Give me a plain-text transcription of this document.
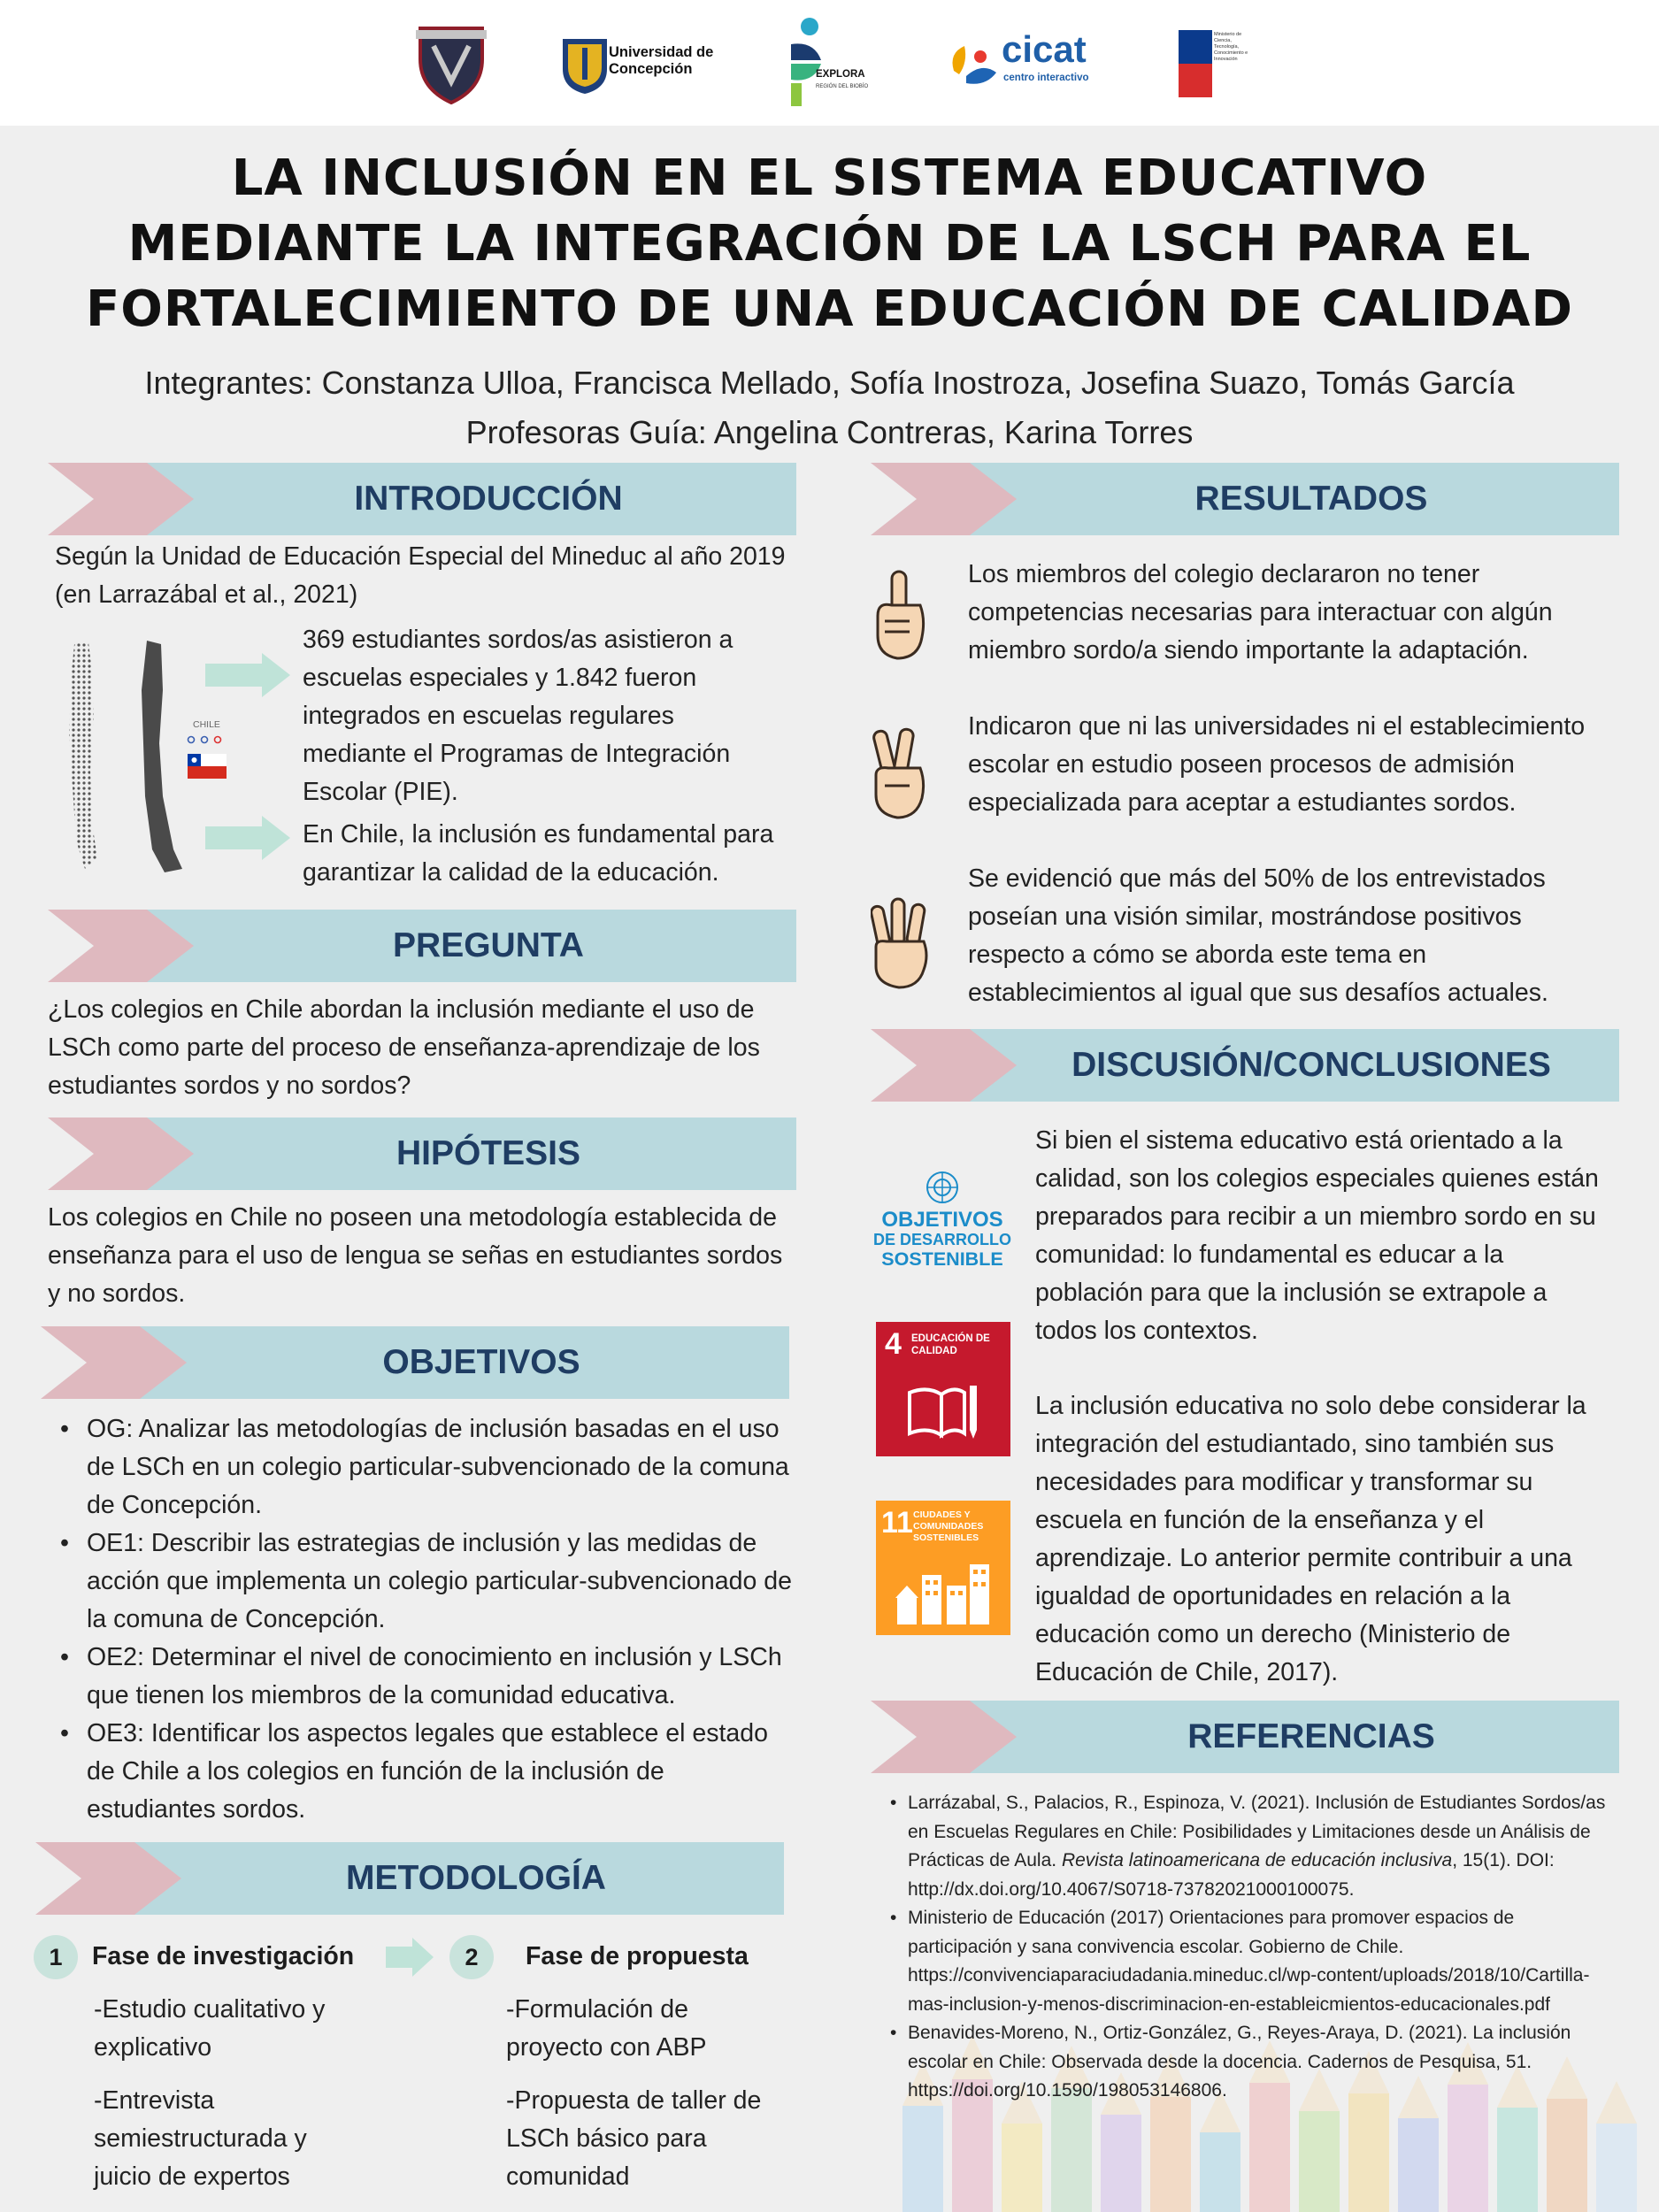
Universidad de Concepción	EXPLORA
REGIÓN DEL BIOBÍO
cicat
centro interactivo
Ministerio de Ciencia, Tecnología, Conocimiento e Innovación
LA INCLUSIÓN EN EL SISTEMA EDUCATIVO
MEDIANTE LA INTEGRACIÓN DE LA LSCH PARA EL
FORTALECIMIENTO DE UNA EDUCACIÓN DE CALIDAD
Integrantes: Constanza Ulloa, Francisca Mellado, Sofía Inostroza, Josefina Suazo, Tomás García
Profesoras Guía: Angelina Contreras, Karina Torres
INTRODUCCIÓN
Según la Unidad de Educación Especial del Mineduc al año 2019 (en Larrazábal et al., 2021)
CHILE
369 estudiantes sordos/as asistieron a escuelas especiales y 1.842 fueron integrados en escuelas regulares mediante el Programas de Integración Escolar (PIE).
En Chile, la inclusión es fundamental para garantizar la calidad de la educación.
PREGUNTA
¿Los colegios en Chile abordan la inclusión mediante el uso de LSCh como parte del proceso de enseñanza-aprendizaje de los estudiantes sordos y no sordos?
HIPÓTESIS
Los colegios en Chile no poseen una metodología establecida de enseñanza para el uso de lengua se señas en estudiantes sordos y no sordos.
OBJETIVOS
• OG: Analizar las metodologías de inclusión basadas en el uso de LSCh en un colegio particular-subvencionado de la comuna de Concepción.
• OE1: Describir las estrategias de inclusión y las medidas de acción que implementa un colegio particular-subvencionado de la comuna de Concepción.
• OE2: Determinar el nivel de conocimiento en inclusión y LSCh que tienen los miembros de la comunidad educativa.
• OE3: Identificar los aspectos legales que establece el estado de Chile a los colegios en función de la inclusión de estudiantes sordos.
METODOLOGÍA
1	Fase de investigación	2	Fase de propuesta
-Estudio cualitativo y explicativo
-Entrevista semiestructurada y juicio de expertos
-Formulación de proyecto con ABP
-Propuesta de taller de LSCh básico para comunidad
RESULTADOS
Los miembros del colegio declararon no tener competencias necesarias para interactuar con algún miembro sordo/a siendo importante la adaptación.
Indicaron que ni las universidades ni el establecimiento escolar en estudio poseen procesos de admisión especializada para aceptar a estudiantes sordos.
Se evidenció que más del 50% de los entrevistados poseían una visión similar, mostrándose positivos respecto a cómo se aborda este tema en establecimientos al igual que sus desafíos actuales.
DISCUSIÓN/CONCLUSIONES
OBJETIVOS
DE DESARROLLO
SOSTENIBLE
4 EDUCACIÓN DE CALIDAD
11 CIUDADES Y COMUNIDADES SOSTENIBLES
Si bien el sistema educativo está orientado a la calidad, son los colegios especiales quienes están preparados para recibir a un miembro sordo en su comunidad: lo fundamental es educar a la población para que la inclusión se extrapole a todos los contextos.
La inclusión educativa no solo debe considerar la integración del estudiantado, sino también sus necesidades para modificar y transformar su escuela en función de la enseñanza y el aprendizaje. Lo anterior permite contribuir a una igualdad de oportunidades en relación a la educación como un derecho (Ministerio de Educación de Chile, 2017).
REFERENCIAS
• Larrázabal, S., Palacios, R., Espinoza, V. (2021). Inclusión de Estudiantes Sordos/as en Escuelas Regulares en Chile: Posibilidades y Limitaciones desde un Análisis de Prácticas de Aula. Revista latinoamericana de educación inclusiva, 15(1). DOI: http://dx.doi.org/10.4067/S0718-73782021000100075.
• Ministerio de Educación (2017) Orientaciones para promover espacios de participación y sana convivencia escolar. Gobierno de Chile. https://convivenciaparaciudadania.mineduc.cl/wp-content/uploads/2018/10/Cartilla-mas-inclusion-y-menos-discriminacion-en-estableicmientos-educacionales.pdf
• Benavides-Moreno, N., Ortiz-González, G., Reyes-Araya, D. (2021). La inclusión escolar en Chile: Observada desde la docencia. Cadernos de Pesquisa, 51. https://doi.org/10.1590/198053146806.
